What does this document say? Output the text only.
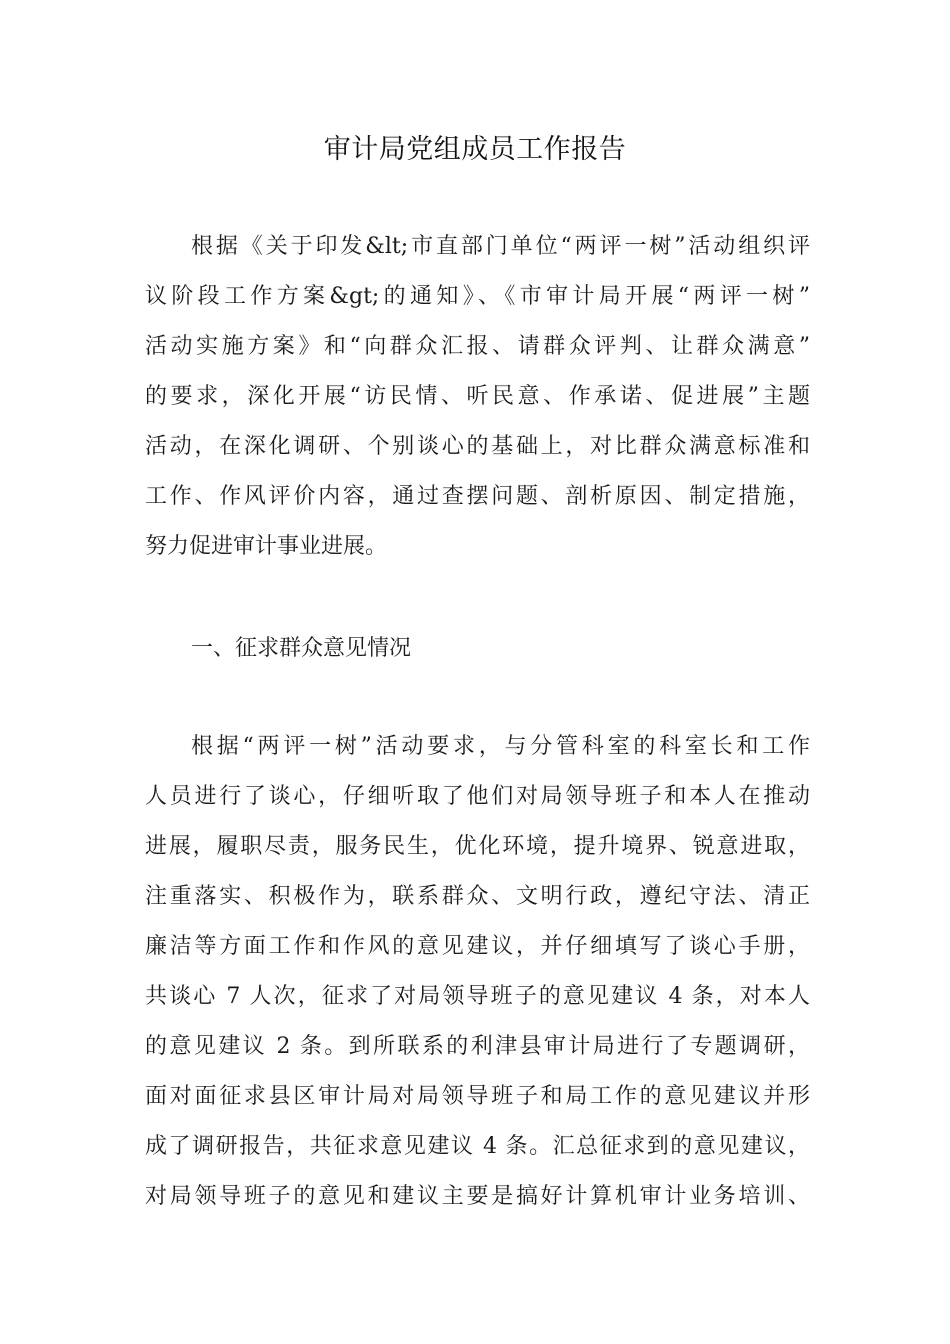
审计局党组成员工作报告
根据《关于印发&lt;市直部门单位“两评一树”活动组织评
议阶段工作方案&gt;的通知》、《市审计局开展“两评一树”
活动实施方案》和“向群众汇报、请群众评判、让群众满意”
的要求，深化开展“访民情、听民意、作承诺、促进展”主题
活动，在深化调研、个别谈心的基础上，对比群众满意标准和
工作、作风评价内容，通过查摆问题、剖析原因、制定措施，
努力促进审计事业进展。
一、征求群众意见情况
根据“两评一树”活动要求，与分管科室的科室长和工作
人员进行了谈心，仔细听取了他们对局领导班子和本人在推动
进展，履职尽责，服务民生，优化环境，提升境界、锐意进取，
注重落实、积极作为，联系群众、文明行政，遵纪守法、清正
廉洁等方面工作和作风的意见建议，并仔细填写了谈心手册，
共谈心 7 人次，征求了对局领导班子的意见建议 4 条，对本人
的意见建议 2 条。到所联系的利津县审计局进行了专题调研，
面对面征求县区审计局对局领导班子和局工作的意见建议并形
成了调研报告，共征求意见建议 4 条。汇总征求到的意见建议，
对局领导班子的意见和建议主要是搞好计算机审计业务培训、
